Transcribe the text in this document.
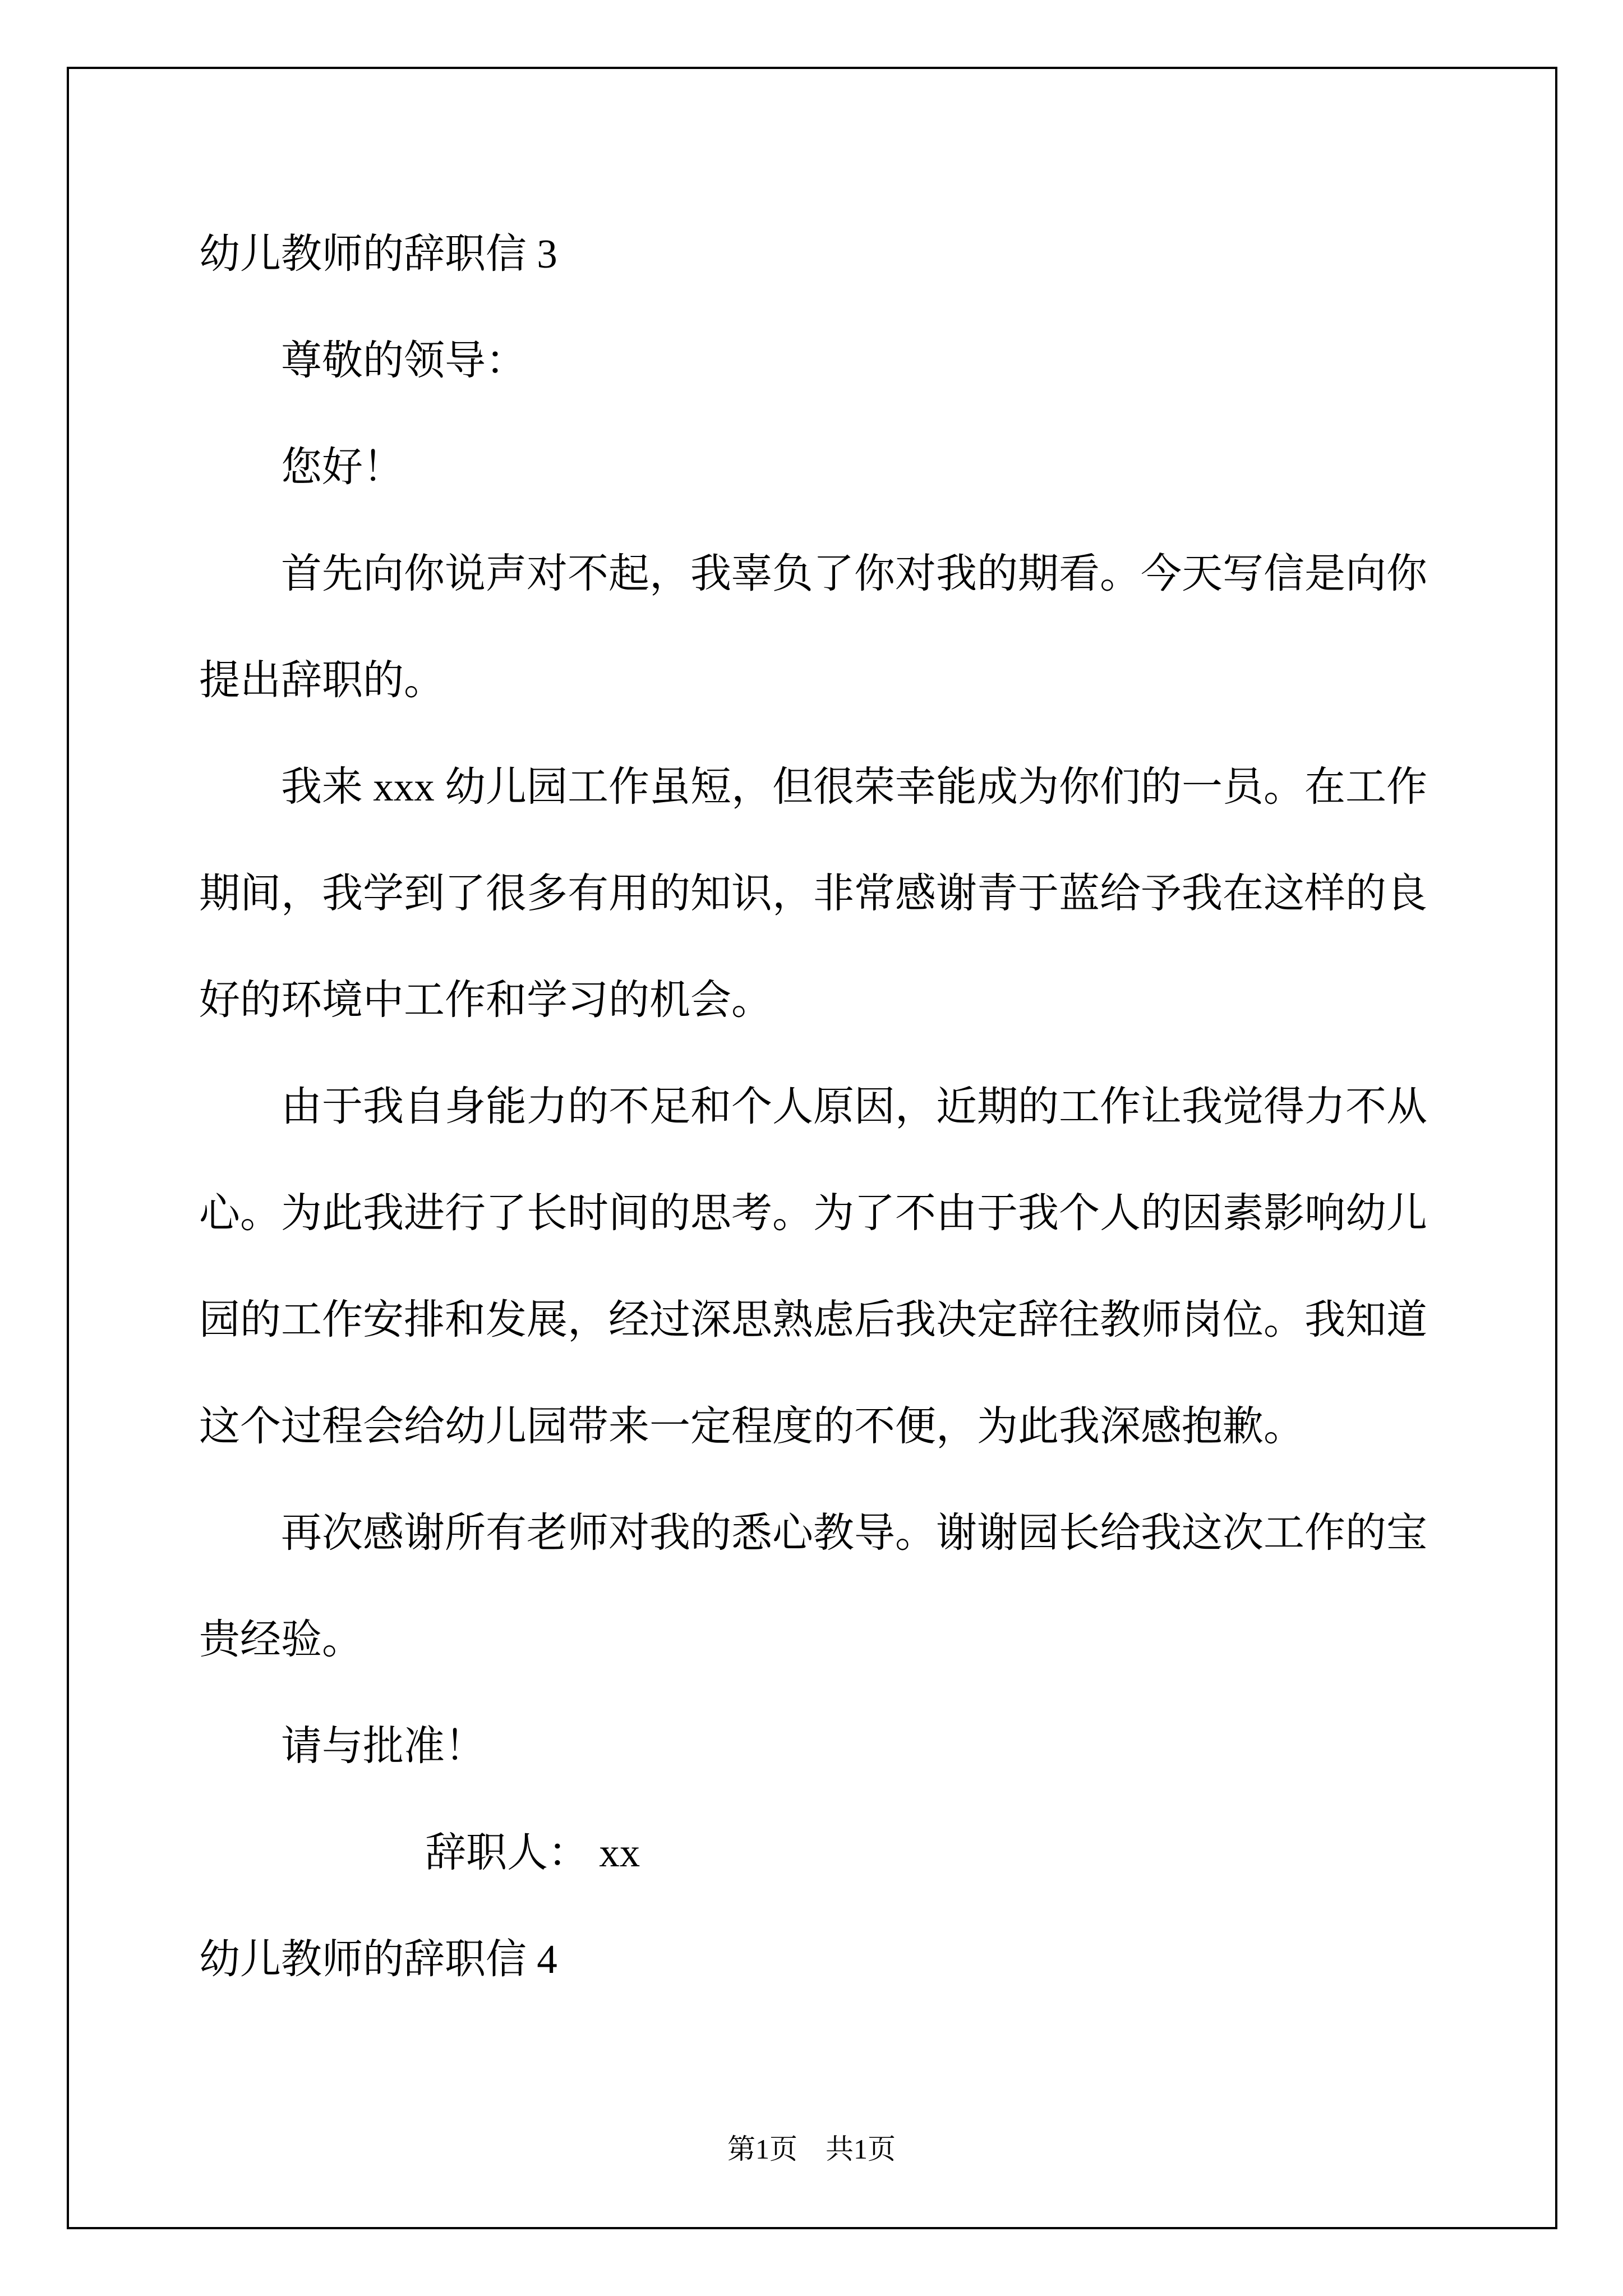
幼儿教师的辞职信 3
尊敬的领导：
您好！
首先向你说声对不起，我辜负了你对我的期看。今天写信是向你
提出辞职的。
我来 xxx 幼儿园工作虽短，但很荣幸能成为你们的一员。在工作
期间，我学到了很多有用的知识，非常感谢青于蓝给予我在这样的良
好的环境中工作和学习的机会。
由于我自身能力的不足和个人原因，近期的工作让我觉得力不从
心。为此我进行了长时间的思考。为了不由于我个人的因素影响幼儿
园的工作安排和发展，经过深思熟虑后我决定辞往教师岗位。我知道
这个过程会给幼儿园带来一定程度的不便，为此我深感抱歉。
再次感谢所有老师对我的悉心教导。谢谢园长给我这次工作的宝
贵经验。
请与批准！
辞职人： xx
幼儿教师的辞职信 4
第1页　共1页
